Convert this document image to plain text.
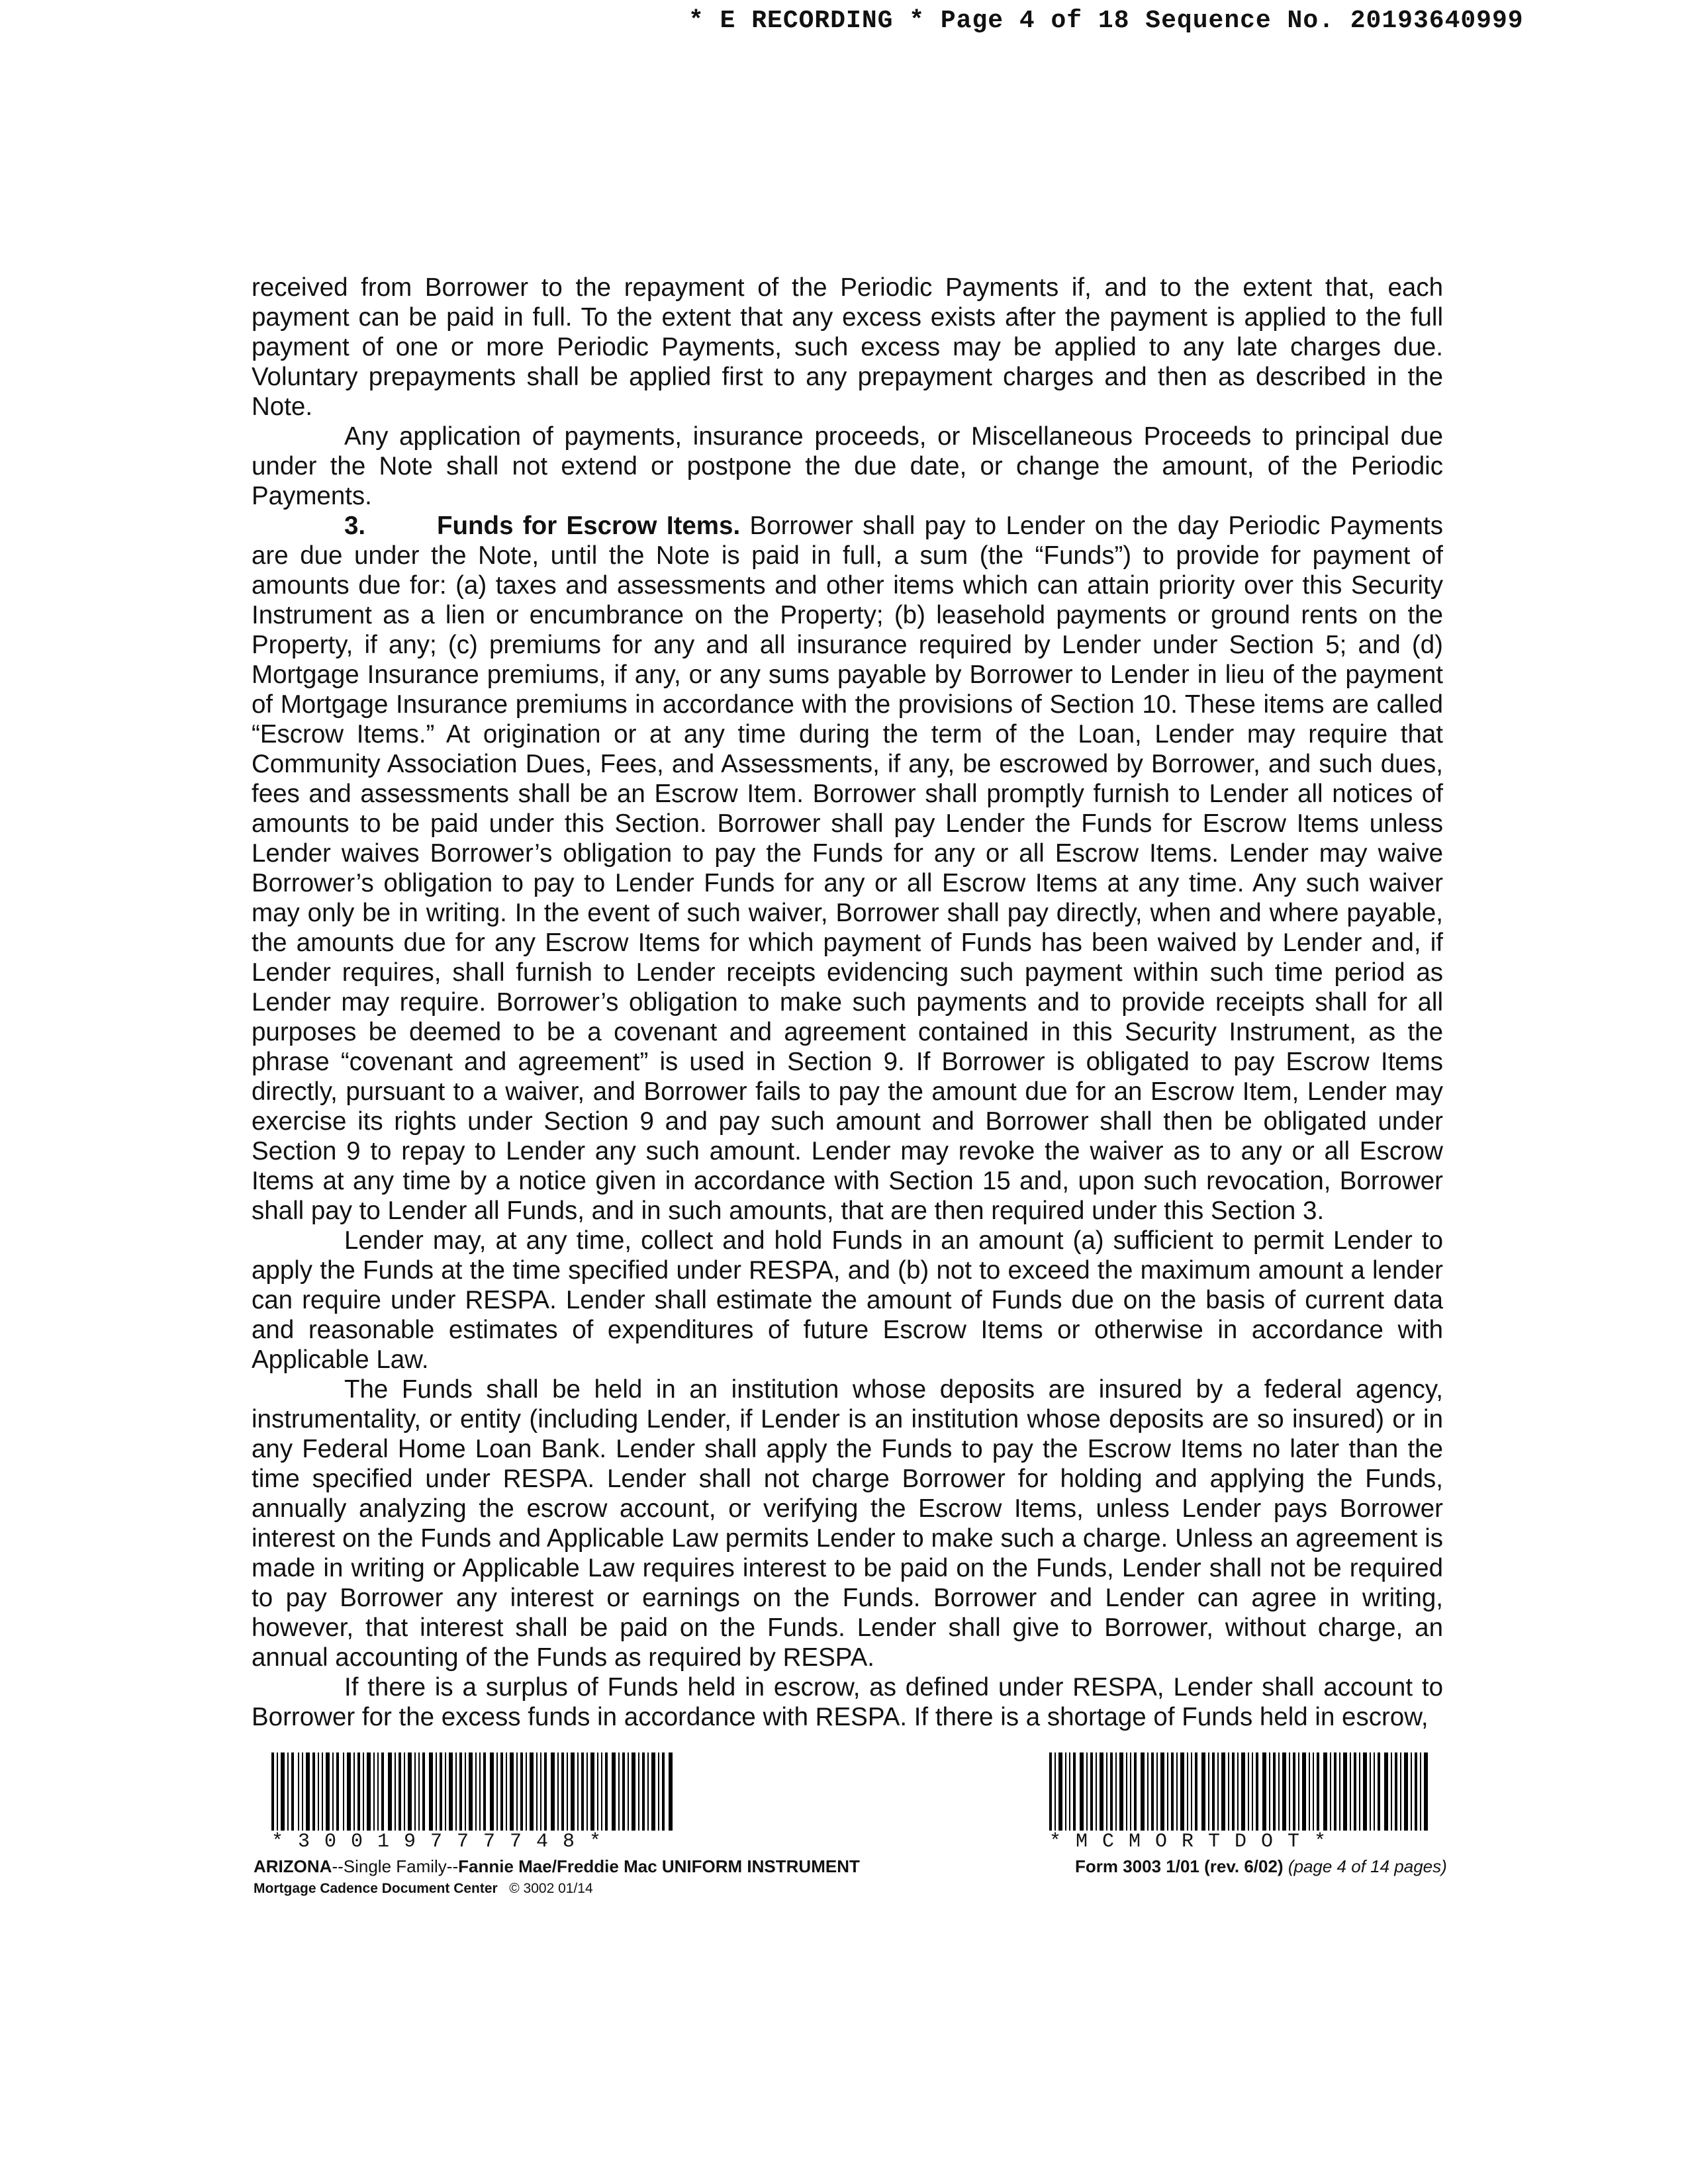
* E RECORDING * Page 4 of 18 Sequence No. 20193640999

received from Borrower to the repayment of the Periodic Payments if, and to the extent that, each payment can be paid in full. To the extent that any excess exists after the payment is applied to the full payment of one or more Periodic Payments, such excess may be applied to any late charges due. Voluntary prepayments shall be applied first to any prepayment charges and then as described in the Note.

Any application of payments, insurance proceeds, or Miscellaneous Proceeds to principal due under the Note shall not extend or postpone the due date, or change the amount, of the Periodic Payments.

3.	Funds for Escrow Items. Borrower shall pay to Lender on the day Periodic Payments are due under the Note, until the Note is paid in full, a sum (the “Funds”) to provide for payment of amounts due for: (a) taxes and assessments and other items which can attain priority over this Security Instrument as a lien or encumbrance on the Property; (b) leasehold payments or ground rents on the Property, if any; (c) premiums for any and all insurance required by Lender under Section 5; and (d) Mortgage Insurance premiums, if any, or any sums payable by Borrower to Lender in lieu of the payment of Mortgage Insurance premiums in accordance with the provisions of Section 10. These items are called “Escrow Items.” At origination or at any time during the term of the Loan, Lender may require that Community Association Dues, Fees, and Assessments, if any, be escrowed by Borrower, and such dues, fees and assessments shall be an Escrow Item. Borrower shall promptly furnish to Lender all notices of amounts to be paid under this Section. Borrower shall pay Lender the Funds for Escrow Items unless Lender waives Borrower’s obligation to pay the Funds for any or all Escrow Items. Lender may waive Borrower’s obligation to pay to Lender Funds for any or all Escrow Items at any time. Any such waiver may only be in writing. In the event of such waiver, Borrower shall pay directly, when and where payable, the amounts due for any Escrow Items for which payment of Funds has been waived by Lender and, if Lender requires, shall furnish to Lender receipts evidencing such payment within such time period as Lender may require. Borrower’s obligation to make such payments and to provide receipts shall for all purposes be deemed to be a covenant and agreement contained in this Security Instrument, as the phrase “covenant and agreement” is used in Section 9. If Borrower is obligated to pay Escrow Items directly, pursuant to a waiver, and Borrower fails to pay the amount due for an Escrow Item, Lender may exercise its rights under Section 9 and pay such amount and Borrower shall then be obligated under Section 9 to repay to Lender any such amount. Lender may revoke the waiver as to any or all Escrow Items at any time by a notice given in accordance with Section 15 and, upon such revocation, Borrower shall pay to Lender all Funds, and in such amounts, that are then required under this Section 3.

Lender may, at any time, collect and hold Funds in an amount (a) sufficient to permit Lender to apply the Funds at the time specified under RESPA, and (b) not to exceed the maximum amount a lender can require under RESPA. Lender shall estimate the amount of Funds due on the basis of current data and reasonable estimates of expenditures of future Escrow Items or otherwise in accordance with Applicable Law.

The Funds shall be held in an institution whose deposits are insured by a federal agency, instrumentality, or entity (including Lender, if Lender is an institution whose deposits are so insured) or in any Federal Home Loan Bank. Lender shall apply the Funds to pay the Escrow Items no later than the time specified under RESPA. Lender shall not charge Borrower for holding and applying the Funds, annually analyzing the escrow account, or verifying the Escrow Items, unless Lender pays Borrower interest on the Funds and Applicable Law permits Lender to make such a charge. Unless an agreement is made in writing or Applicable Law requires interest to be paid on the Funds, Lender shall not be required to pay Borrower any interest or earnings on the Funds. Borrower and Lender can agree in writing, however, that interest shall be paid on the Funds. Lender shall give to Borrower, without charge, an annual accounting of the Funds as required by RESPA.

If there is a surplus of Funds held in escrow, as defined under RESPA, Lender shall account to Borrower for the excess funds in accordance with RESPA. If there is a shortage of Funds held in escrow,

*30019777748*	*MCMORTDOT*
ARIZONA--Single Family--Fannie Mae/Freddie Mac UNIFORM INSTRUMENT
Mortgage Cadence Document Center © 3002 01/14
Form 3003 1/01 (rev. 6/02) (page 4 of 14 pages)
